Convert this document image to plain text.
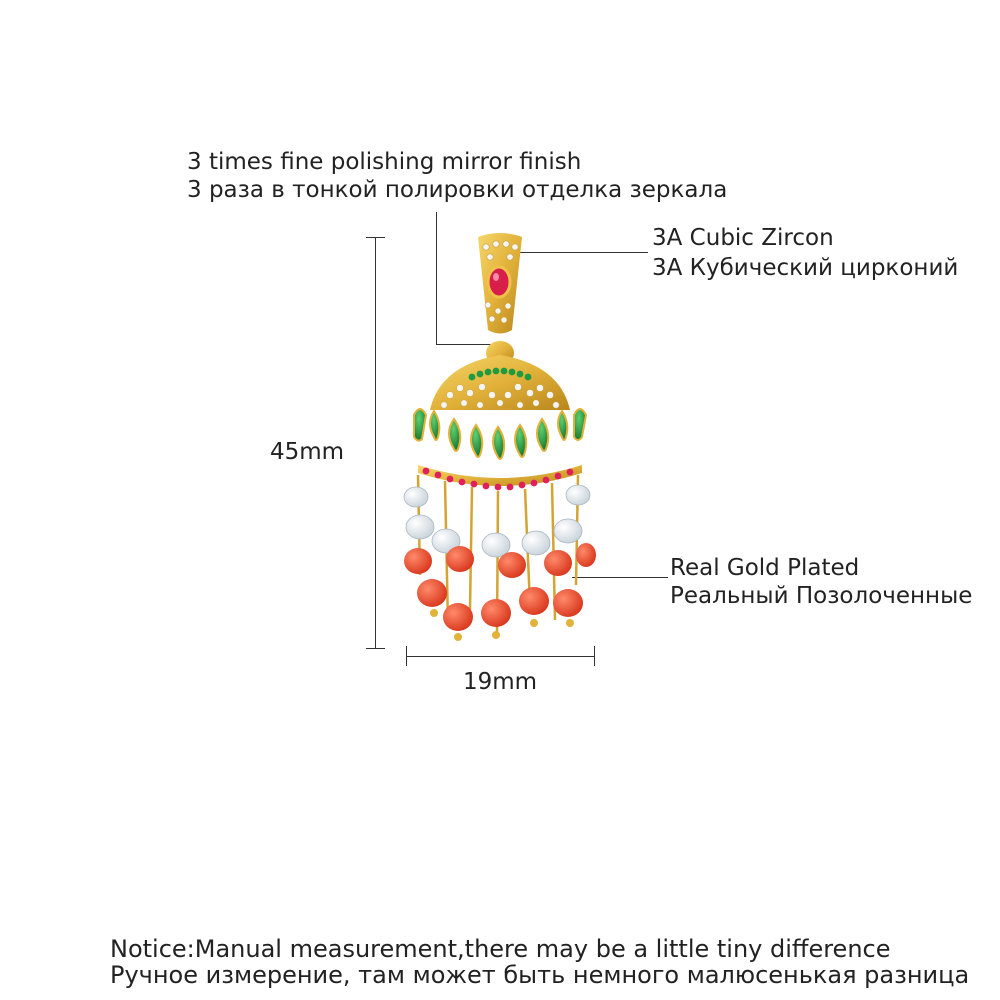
3 times fine polishing mirror finish
3 раза в тонкой полировки отделка зеркала
3A Cubic Zircon
3A Кубический цирконий
Real Gold Plated
Реальный Позолоченные
45mm
19mm
Notice:Manual measurement,there may be a little tiny difference
Ручное измерение, там может быть немного малюсенькая разница
